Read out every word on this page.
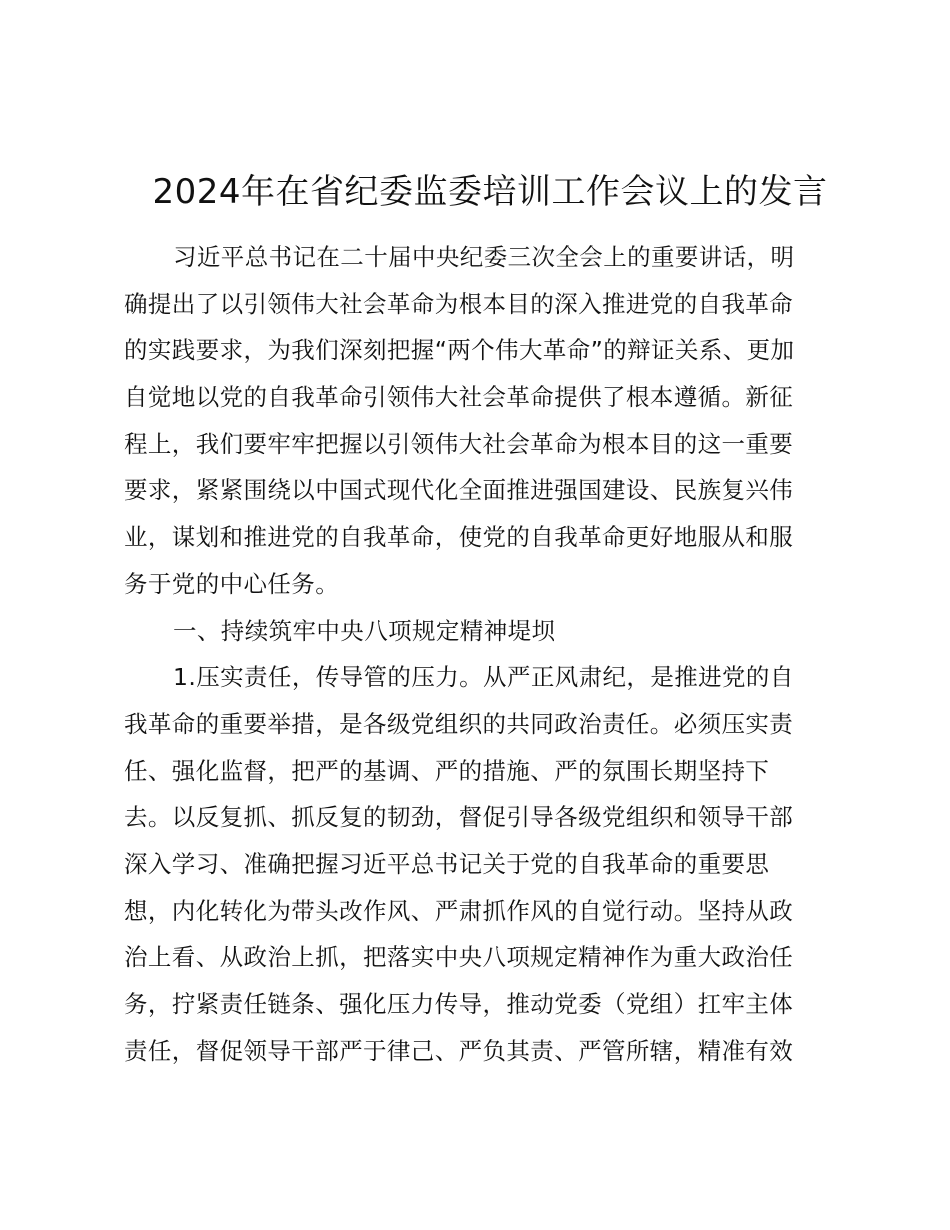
2024年在省纪委监委培训工作会议上的发言
习近平总书记在二十届中央纪委三次全会上的重要讲话，明
确提出了以引领伟大社会革命为根本目的深入推进党的自我革命
的实践要求，为我们深刻把握“两个伟大革命”的辩证关系、更加
自觉地以党的自我革命引领伟大社会革命提供了根本遵循。新征
程上，我们要牢牢把握以引领伟大社会革命为根本目的这一重要
要求，紧紧围绕以中国式现代化全面推进强国建设、民族复兴伟
业，谋划和推进党的自我革命，使党的自我革命更好地服从和服
务于党的中心任务。
一、持续筑牢中央八项规定精神堤坝
1.压实责任，传导管的压力。从严正风肃纪，是推进党的自
我革命的重要举措，是各级党组织的共同政治责任。必须压实责
任、强化监督，把严的基调、严的措施、严的氛围长期坚持下
去。以反复抓、抓反复的韧劲，督促引导各级党组织和领导干部
深入学习、准确把握习近平总书记关于党的自我革命的重要思
想，内化转化为带头改作风、严肃抓作风的自觉行动。坚持从政
治上看、从政治上抓，把落实中央八项规定精神作为重大政治任
务，拧紧责任链条、强化压力传导，推动党委（党组）扛牢主体
责任，督促领导干部严于律己、严负其责、严管所辖，精准有效
